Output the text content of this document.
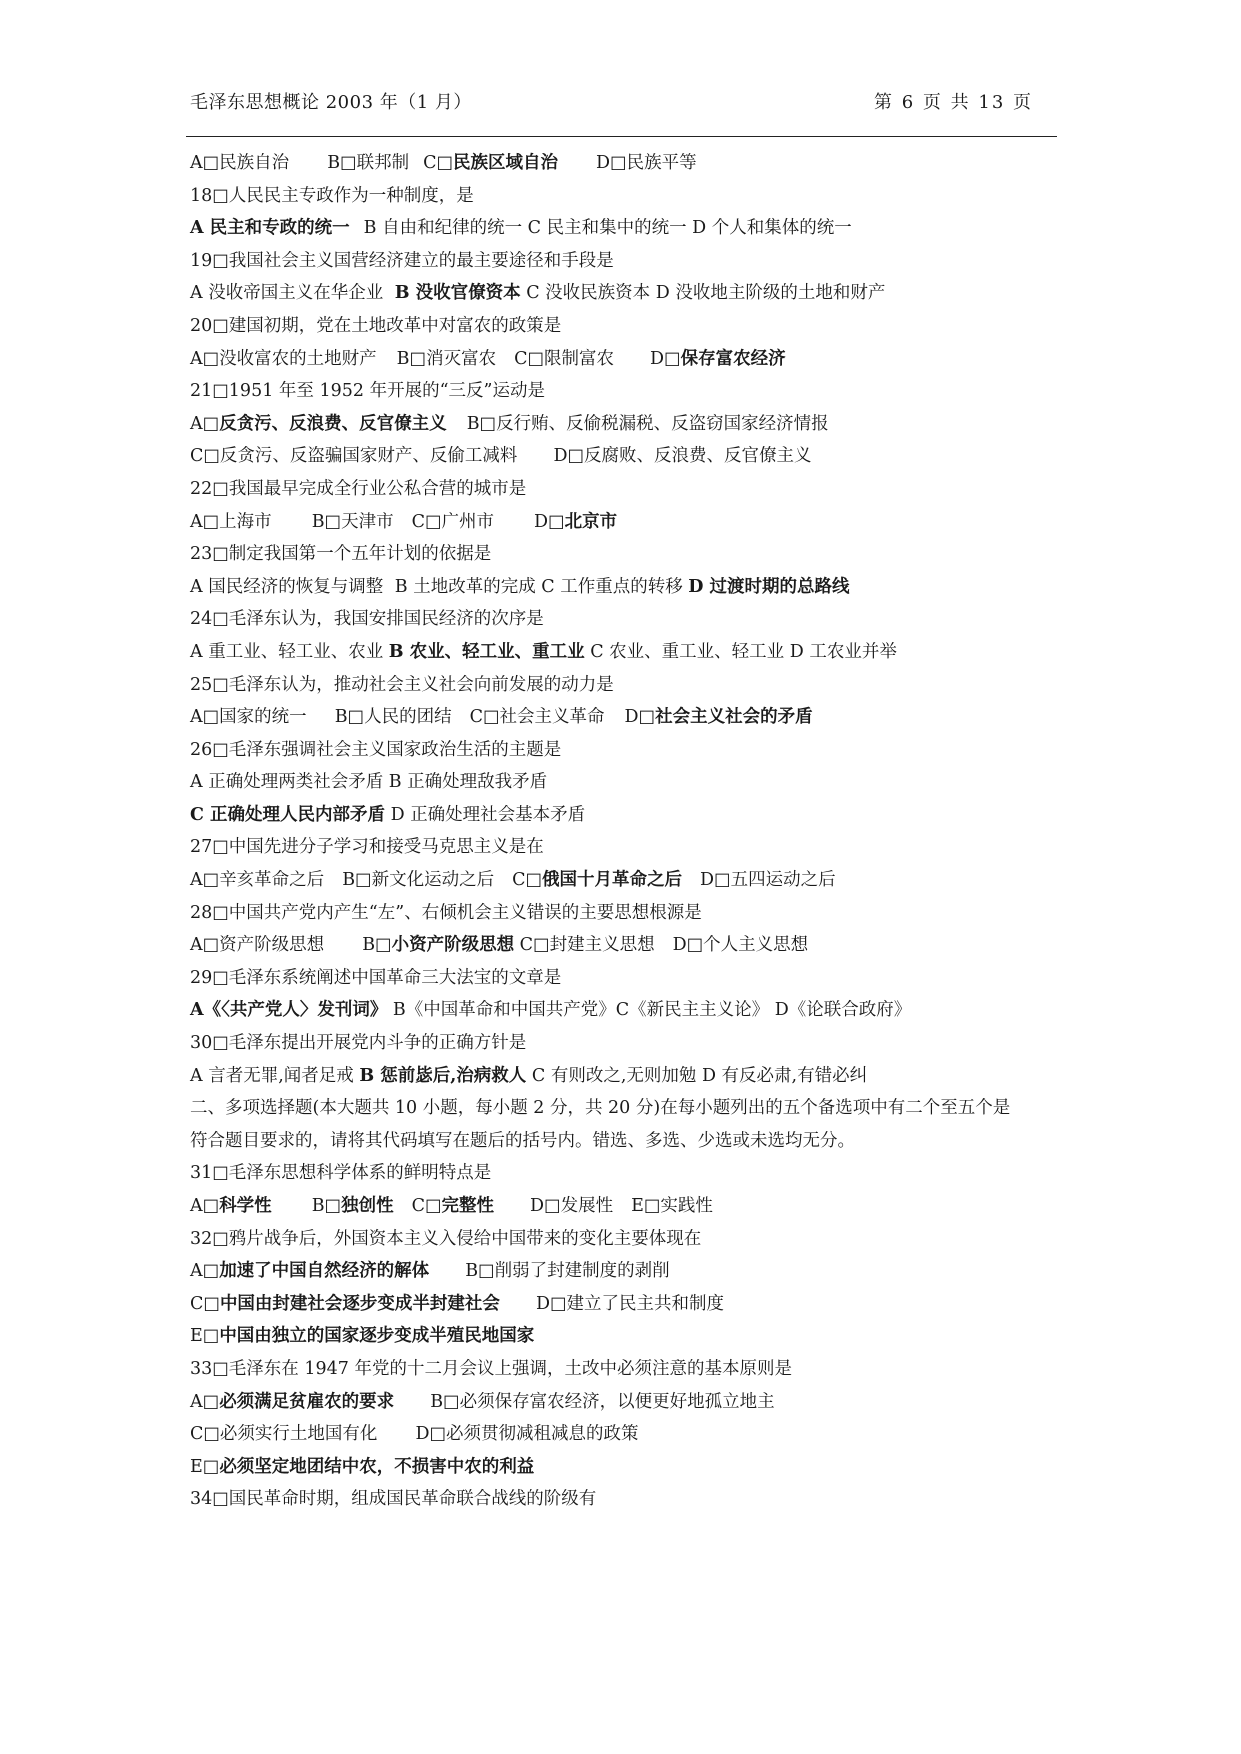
毛泽东思想概论 2003 年（1 月）	第 6 页 共 13 页
A□民族自治 B□联邦制 C□民族区域自治 D□民族平等
18□人民民主专政作为一种制度，是
A 民主和专政的统一 B 自由和纪律的统一 C 民主和集中的统一 D 个人和集体的统一
19□我国社会主义国营经济建立的最主要途径和手段是
A 没收帝国主义在华企业 B 没收官僚资本 C 没收民族资本 D 没收地主阶级的土地和财产
20□建国初期，党在土地改革中对富农的政策是
A□没收富农的土地财产 B□消灭富农 C□限制富农 D□保存富农经济
21□1951 年至 1952 年开展的“三反”运动是
A□反贪污、反浪费、反官僚主义 B□反行贿、反偷税漏税、反盗窃国家经济情报
C□反贪污、反盗骗国家财产、反偷工减料 D□反腐败、反浪费、反官僚主义
22□我国最早完成全行业公私合营的城市是
A□上海市 B□天津市 C□广州市 D□北京市
23□制定我国第一个五年计划的依据是
A 国民经济的恢复与调整 B 土地改革的完成 C 工作重点的转移 D 过渡时期的总路线
24□毛泽东认为，我国安排国民经济的次序是
A 重工业、轻工业、农业 B 农业、轻工业、重工业 C 农业、重工业、轻工业 D 工农业并举
25□毛泽东认为，推动社会主义社会向前发展的动力是
A□国家的统一 B□人民的团结 C□社会主义革命 D□社会主义社会的矛盾
26□毛泽东强调社会主义国家政治生活的主题是
A 正确处理两类社会矛盾 B 正确处理敌我矛盾
C 正确处理人民内部矛盾 D 正确处理社会基本矛盾
27□中国先进分子学习和接受马克思主义是在
A□辛亥革命之后 B□新文化运动之后 C□俄国十月革命之后 D□五四运动之后
28□中国共产党内产生“左”、右倾机会主义错误的主要思想根源是
A□资产阶级思想 B□小资产阶级思想 C□封建主义思想 D□个人主义思想
29□毛泽东系统阐述中国革命三大法宝的文章是
A《〈共产党人〉发刊词》 B《中国革命和中国共产党》C《新民主主义论》 D《论联合政府》
30□毛泽东提出开展党内斗争的正确方针是
A 言者无罪,闻者足戒 B 惩前毖后,治病救人 C 有则改之,无则加勉 D 有反必肃,有错必纠
二、多项选择题(本大题共 10 小题，每小题 2 分，共 20 分)在每小题列出的五个备选项中有二个至五个是
符合题目要求的，请将其代码填写在题后的括号内。错选、多选、少选或未选均无分。
31□毛泽东思想科学体系的鲜明特点是
A□科学性 B□独创性 C□完整性 D□发展性 E□实践性
32□鸦片战争后，外国资本主义入侵给中国带来的变化主要体现在
A□加速了中国自然经济的解体 B□削弱了封建制度的剥削
C□中国由封建社会逐步变成半封建社会 D□建立了民主共和制度
E□中国由独立的国家逐步变成半殖民地国家
33□毛泽东在 1947 年党的十二月会议上强调，土改中必须注意的基本原则是
A□必须满足贫雇农的要求 B□必须保存富农经济，以便更好地孤立地主
C□必须实行土地国有化 D□必须贯彻减租减息的政策
E□必须坚定地团结中农，不损害中农的利益
34□国民革命时期，组成国民革命联合战线的阶级有
